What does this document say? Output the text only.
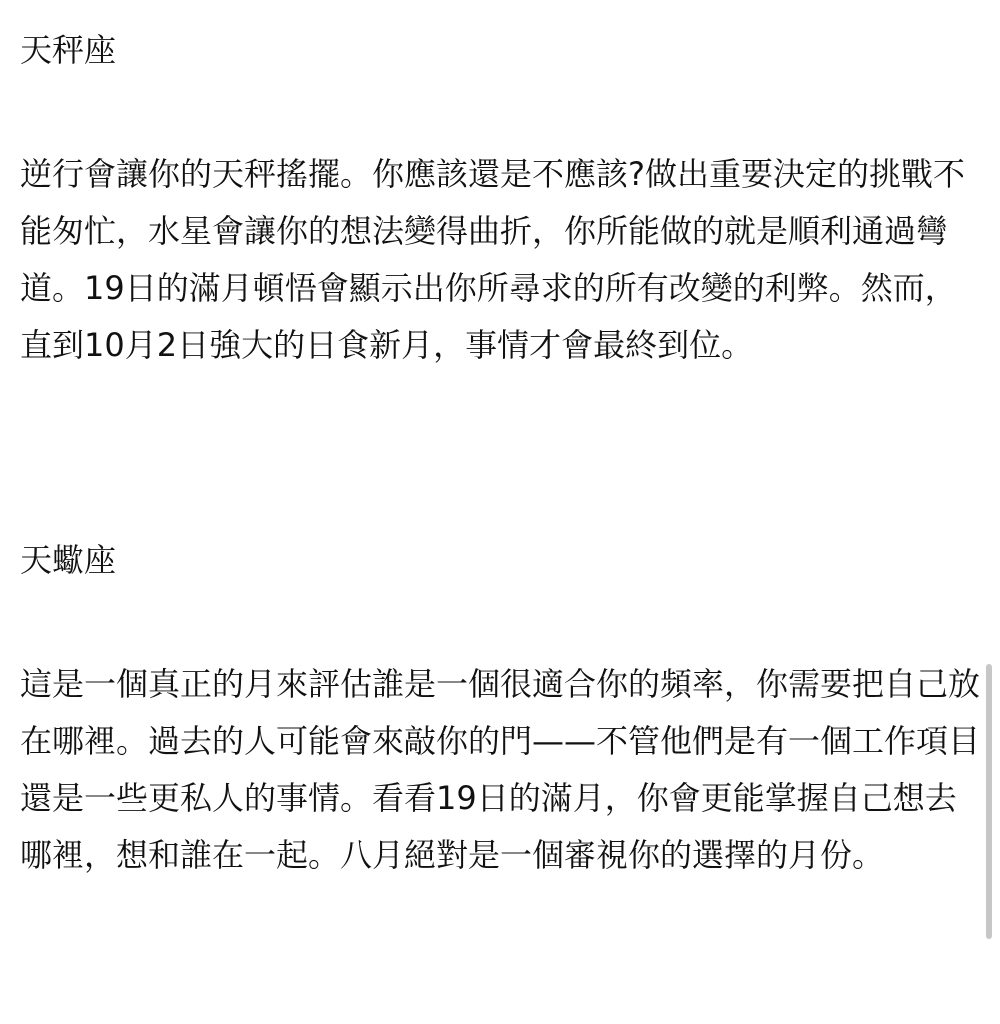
天秤座

逆行會讓你的天秤搖擺。你應該還是不應該?做出重要決定的挑戰不能匆忙，水星會讓你的想法變得曲折，你所能做的就是順利通過彎道。19日的滿月頓悟會顯示出你所尋求的所有改變的利弊。然而，直到10月2日強大的日食新月，事情才會最終到位。

天蠍座

這是一個真正的月來評估誰是一個很適合你的頻率，你需要把自己放在哪裡。過去的人可能會來敲你的門——不管他們是有一個工作項目還是一些更私人的事情。看看19日的滿月，你會更能掌握自己想去哪裡，想和誰在一起。八月絕對是一個審視你的選擇的月份。
